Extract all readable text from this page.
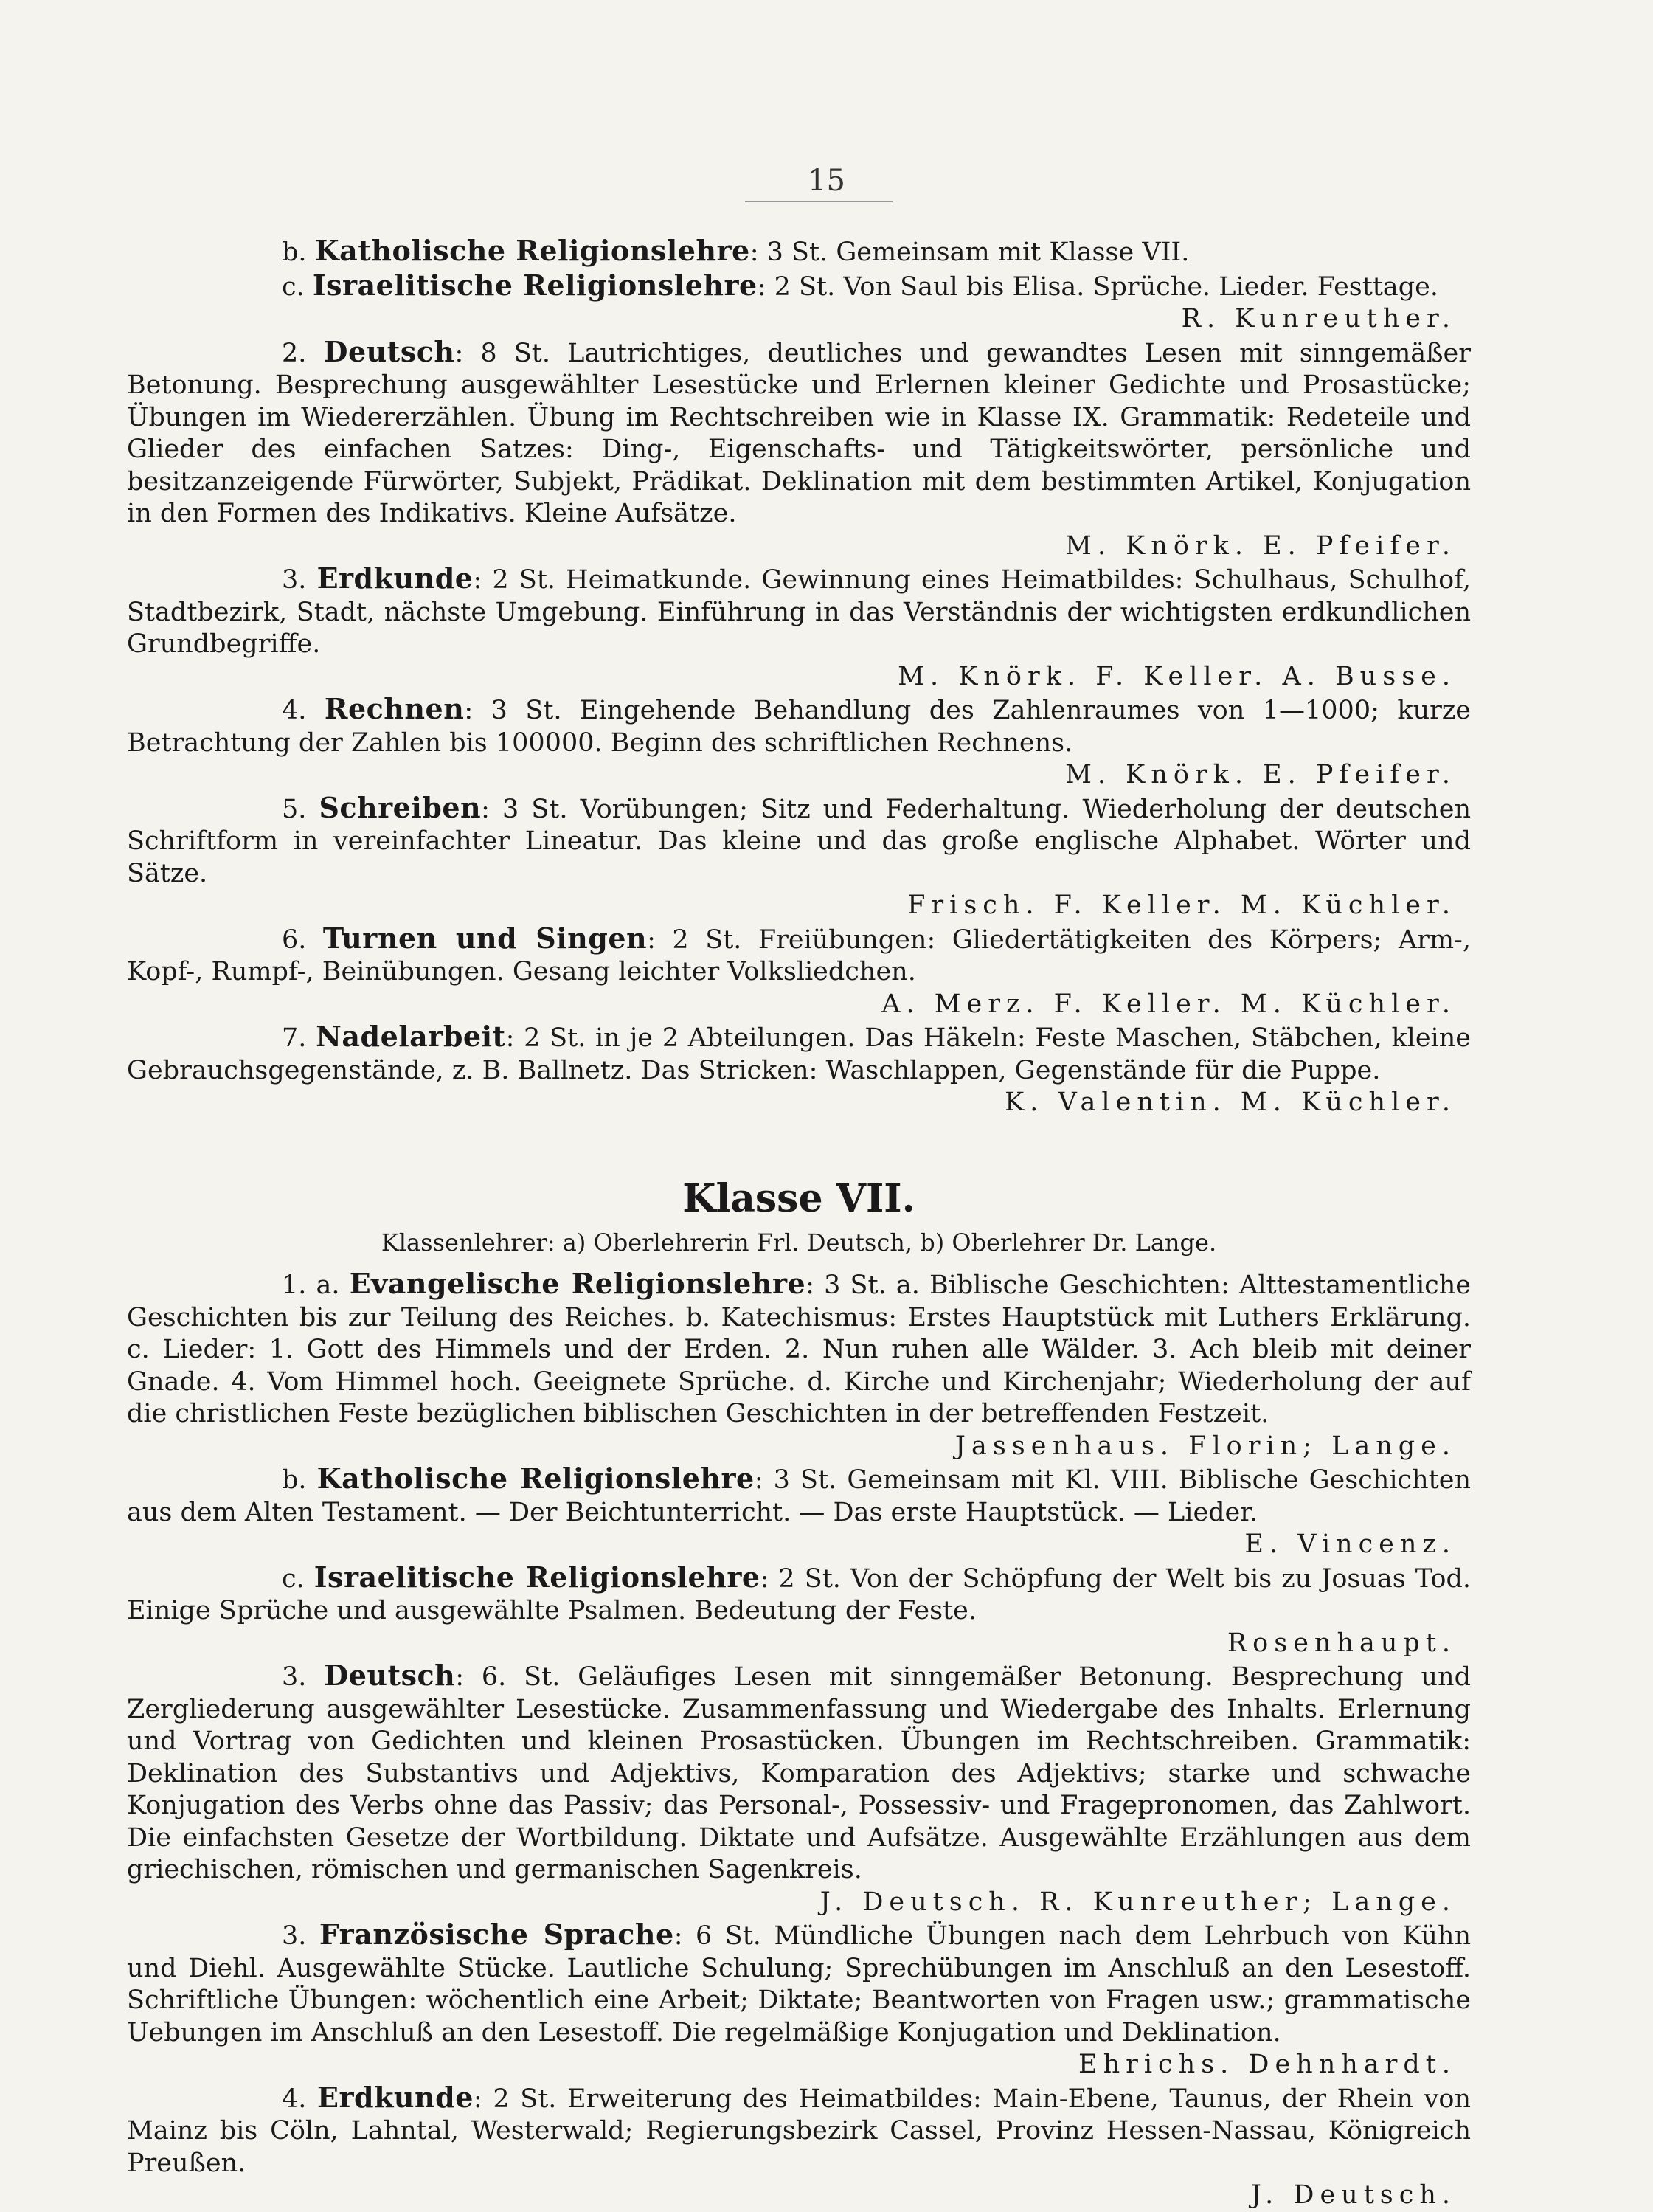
15

b. Katholische Religionslehre: 3 St. Gemeinsam mit Klasse VII.

c. Israelitische Religionslehre: 2 St. Von Saul bis Elisa. Sprüche. Lieder. Festtage.

R. Kunreuther.

2. Deutsch: 8 St. Lautrichtiges, deutliches und gewandtes Lesen mit sinngemäßer Betonung. Besprechung ausgewählter Lesestücke und Erlernen kleiner Gedichte und Prosastücke; Übungen im Wiedererzählen. Übung im Rechtschreiben wie in Klasse IX. Grammatik: Redeteile und Glieder des einfachen Satzes: Ding-, Eigenschafts- und Tätigkeitswörter, persönliche und besitzanzeigende Fürwörter, Subjekt, Prädikat. Deklination mit dem bestimmten Artikel, Konjugation in den Formen des Indikativs. Kleine Aufsätze.

M. Knörk. E. Pfeifer.

3. Erdkunde: 2 St. Heimatkunde. Gewinnung eines Heimatbildes: Schulhaus, Schulhof, Stadtbezirk, Stadt, nächste Umgebung. Einführung in das Verständnis der wichtigsten erdkundlichen Grundbegriffe.

M. Knörk. F. Keller. A. Busse.

4. Rechnen: 3 St. Eingehende Behandlung des Zahlenraumes von 1—1000; kurze Betrachtung der Zahlen bis 100000. Beginn des schriftlichen Rechnens.

M. Knörk. E. Pfeifer.

5. Schreiben: 3 St. Vorübungen; Sitz und Federhaltung. Wiederholung der deutschen Schriftform in vereinfachter Lineatur. Das kleine und das große englische Alphabet. Wörter und Sätze.

Frisch. F. Keller. M. Küchler.

6. Turnen und Singen: 2 St. Freiübungen: Gliedertätigkeiten des Körpers; Arm-, Kopf-, Rumpf-, Beinübungen. Gesang leichter Volksliedchen.

A. Merz. F. Keller. M. Küchler.

7. Nadelarbeit: 2 St. in je 2 Abteilungen. Das Häkeln: Feste Maschen, Stäbchen, kleine Gebrauchsgegenstände, z. B. Ballnetz. Das Stricken: Waschlappen, Gegenstände für die Puppe.

K. Valentin. M. Küchler.
Klasse VII.
Klassenlehrer: a) Oberlehrerin Frl. Deutsch, b) Oberlehrer Dr. Lange.

1. a. Evangelische Religionslehre: 3 St. a. Biblische Geschichten: Alttestamentliche Geschichten bis zur Teilung des Reiches. b. Katechismus: Erstes Hauptstück mit Luthers Erklärung. c. Lieder: 1. Gott des Himmels und der Erden. 2. Nun ruhen alle Wälder. 3. Ach bleib mit deiner Gnade. 4. Vom Himmel hoch. Geeignete Sprüche. d. Kirche und Kirchenjahr; Wiederholung der auf die christlichen Feste bezüglichen biblischen Geschichten in der betreffenden Festzeit.

Jassenhaus. Florin; Lange.

b. Katholische Religionslehre: 3 St. Gemeinsam mit Kl. VIII. Biblische Geschichten aus dem Alten Testament. — Der Beichtunterricht. — Das erste Hauptstück. — Lieder.

E. Vincenz.

c. Israelitische Religionslehre: 2 St. Von der Schöpfung der Welt bis zu Josuas Tod. Einige Sprüche und ausgewählte Psalmen. Bedeutung der Feste.

Rosenhaupt.

3. Deutsch: 6. St. Geläufiges Lesen mit sinngemäßer Betonung. Besprechung und Zergliederung ausgewählter Lesestücke. Zusammenfassung und Wiedergabe des Inhalts. Erlernung und Vortrag von Gedichten und kleinen Prosastücken. Übungen im Rechtschreiben. Grammatik: Deklination des Substantivs und Adjektivs, Komparation des Adjektivs; starke und schwache Konjugation des Verbs ohne das Passiv; das Personal-, Possessiv- und Fragepronomen, das Zahlwort. Die einfachsten Gesetze der Wortbildung. Diktate und Aufsätze. Ausgewählte Erzählungen aus dem griechischen, römischen und germanischen Sagenkreis.

J. Deutsch. R. Kunreuther; Lange.

3. Französische Sprache: 6 St. Mündliche Übungen nach dem Lehrbuch von Kühn und Diehl. Ausgewählte Stücke. Lautliche Schulung; Sprechübungen im Anschluß an den Lesestoff. Schriftliche Übungen: wöchentlich eine Arbeit; Diktate; Beantworten von Fragen usw.; grammatische Uebungen im Anschluß an den Lesestoff. Die regelmäßige Konjugation und Deklination.

Ehrichs. Dehnhardt.

4. Erdkunde: 2 St. Erweiterung des Heimatbildes: Main-Ebene, Taunus, der Rhein von Mainz bis Cöln, Lahntal, Westerwald; Regierungsbezirk Cassel, Provinz Hessen-Nassau, Königreich Preußen.

J. Deutsch.
